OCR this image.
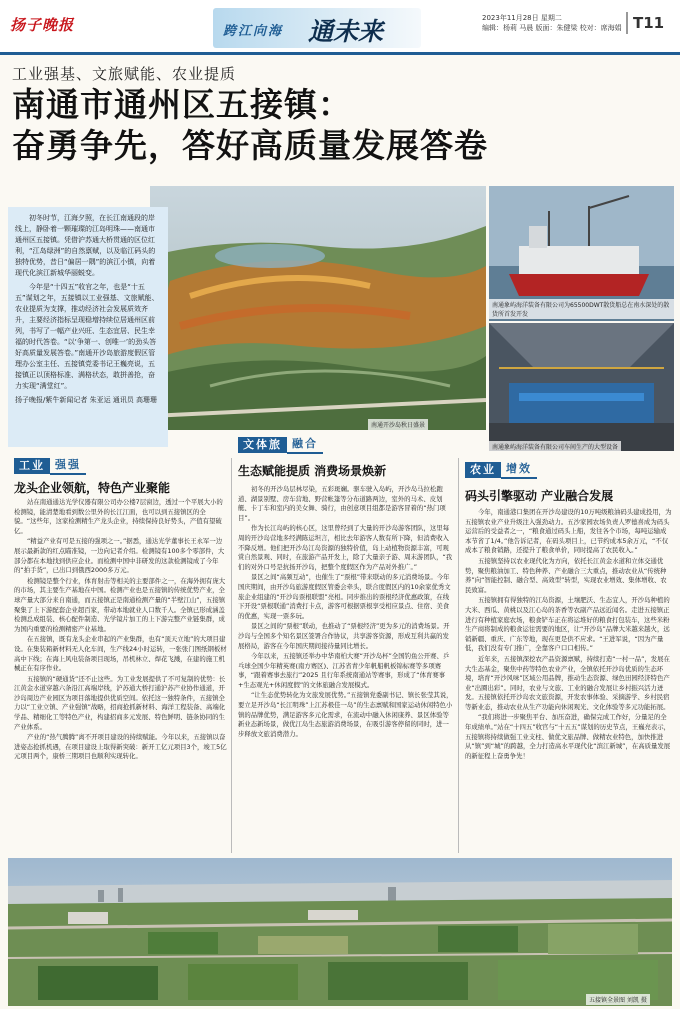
扬子晚报	跨江向海 通未来	2023年11月28日 星期二
编辑：杨莉 马晨 版面：朱健梁 校对：席海娟 T11
工业强基、文旅赋能、农业提质
南通市通州区五接镇：
奋勇争先，答好高质量发展答卷
南通开沙岛秋日盛景
南通象屿海洋装备有限公司为65500DWT散货船总在南水深处的散货所首发开发
南通象屿海洋装备有限公司车间生产的大型设备

初冬时节，江海夕照，在长江南通段的岸线上，静卧着一颗璀璨的江岛明珠——南通市通州区五接镇。凭借沪苏通大桥贯通的区位红利，“江岛绿洲”的自然禀赋，以及临江码头的独特优势，昔日“偏居一隅”的滨江小镇，向着现代化滨江新城华丽蜕变。

今年是“十四五”收官之年，也是“十五五”谋划之年，五接镇以工业强基、文旅赋能、农业提质为支撑，推动经济社会发展质效齐升，主要经济指标呈现稳增持续位居通州区前列，书写了一幅产业兴旺、生态宜居、民生幸福的时代答卷。“以‘争第一、创唯一’的劲头答好高质量发展答卷。”南通开沙岛旅游度假区管理办公室主任、五接镇党委书记王巍亮说，五接镇正以顶格标准、满格状态，敢拼善抢，奋力实现“满堂红”。

扬子晚报/紫牛新闻记者 朱亚运 通讯员 高珊珊

工业 强强
龙头企业领航，特色产业聚能

站在南通通达光学仪器有限公司办公楼7层窗边，透过一个平展大小的检测镜，能清楚地看到数公里外的长江江面，也可以到五接镇区的全貌。“这些年，这家检测精生产龙头企业，持续保持良好势头，产值有望破亿。

“精益产业有可是五接的强项之一。”据悉，通达光学董事长王永军一边展示最新款的红点瞄准镜，一边向记者介绍。检测镜有100多个零部件，大部分都在本地找到供应企业。而检测中国中非研发的这款检测镜成了今年的“拍手货”，已出口到俄西2000多万元。

检测镜是整个行业，体育射击等相关的主要部件之一，在海外拥有庞大的市场，其主要生产基地在中国。检测产业也是五接镇的传统优势产业，全球产量大部分来自南通，而五接镇正是南通检测产量的“半壁江山”，五接镇聚集了上下游配套企业超百家，带动本地就业人口数千人。全镇已形成涵盖检测总成组装、核心配件制造、光学镜片加工的上下游完整产业链集群，成为国内重要的检测精密产业基地。

在五接镇，既有龙头企业串起的产业集群，也有“顶天立地”的大项目建设。在集装箱新材料无人化车间，生产线24小时运转，一张张门图纸钢板材高中下线；在海上风电装备项目现场，吊机林立、焊花飞溅，在建的施工机械正在有序作业。

五接镇的“硬通货”还不止这些。为工业发展提供了不可复制的优势：长江黄金水道穿越六条沿江高端岸线，沪苏通大桥打通沪苏产业协作通道，开沙岛周边产业园区为项目落地提供优质空间。依托这一独特条件，五接镇全力以“工业立镇、产业强镇”战略，招商抢抓新材料、海洋工程装备、高端化学品、精细化工等特色产业，构建招商多元发展、特色鲜明、链条协同的生产业体系。

产业的“热气腾腾”离不开项目建设的持续赋能。今年以来，五接镇以奋进姿态抢抓机遇，在项目建设上取得新突破：新开工亿元项目3个，竣工5亿元项目两个，康桥三期项目也顺利实现转化。

文体旅 融合
生态赋能提质 消费场景焕新

初冬的开沙岛层林尽染，五彩斑斓。驱车驶入岛屿，开沙岛马拉松跑道、湖景别墅、房车营地、野营帐篷等分布道路两边，室外的马术、皮划艇、卡丁车和室内的美女舞、骑行，由创意项目组都是游客冒着的“热门项目”。

作为长江岛屿的核心区，这里曾经到了大量的开沙岛游客团队，这里每周的开沙岛营地多经满陈运坦言，相比去年游客人数有所下降，但消费收入不降反增。他们把开沙岛江岛资源的独特价值，岛上动植物资源丰富，可观赏自然景观、同时，在旅游产品开发上，除了大量亲子游、周末游团队，“我们的对外口号是抗扬开沙岛，把整个度假区作为产品对外推广。”

景区之间“高频互动”，也催生了“票根”带来联动的多元消费场景。今年国庆期间，由开沙岛旅游度假区管委会牵头，联合度假区内的10余家优秀文旅企业组建的“开沙岛票根联盟”亮相。同步推出的票根经济优惠政策，在线下开设“票根联通”消费打卡点，游客可根据票根享受相应景点、住宿、美食的优惠，实现一票多玩。

景区之间的“票根”联动，也推动了“票根经济”更为多元的消费场景。开沙岛与全国多个知名景区签署合作协议，共享游客资源，形成互利共赢的发展格局，游客在今年国庆期间接待量同比增长。

今年以来，五接镇还举办中华南柏大赛“开沙岛杯”全国钓鱼公开赛、乒乓球全国少年精英赛(南方赛区)、江苏省青少年帆船帆板锦标赛等多项赛事，“跟着赛事去旅行”2025 且行年系统南通站等赛事，形成了“体育赛事+生态观光+休闲度假”的文体旅融合发展模式。

“让生态优势转化为文旅发展优势。”五接镇党委副书记、镇长张莹其说，要立足开沙岛“长江明珠”上江苏极佳一岛”的生态禀赋和国家运动休闲特色小镇的品牌优势，满足游客多元化需求，在流动中融入休闲康养、景区体验等新业态新场景，做优江岛生态旅游消费场景，在吸引游客停留的同时，进一步释放文旅消费潜力。

农业 增效
码头引擎驱动 产业融合发展

今年，南通港口集团在开沙岛建设的10万吨级粮油码头建成投用，为五接镇农业产业升级注入强劲动力。五沙家园农场负责人罗德喜成为码头运营后的受益者之一，“粮食通过码头上船，发往各个市场，每吨运输成本节省了1/4。”他告诉记者，在码头项目上，已节约成本5余万元，“不仅成本了粮食销路，还提升了粮食单价，同时提高了农民收入。”

五接镇坚持以农业现代化为方向，依托长江黄金水道和立体交通优势，聚焦粮油加工、特色种养、产业融合三大重点，推动农业从“传统种养”向“智能控制、融合型、高效型”转型，实现农业增效、集体增收、农民致富。

五接镇拥有得独特的江岛资源，土壤肥沃、生态宜人，开沙岛种植的大米、西瓜、黄桃以及江心岛的茶香等农副产品远近闻名。走进五接镇正进行有种植家庭农场，粮食铲车正在将运堆好的粮食打包装车，这些米粉生产商将制成的粮食运往需要的地区，让“开沙岛”品牌大米越来越火，远销新疆、重庆、广东等地，现在更是供不应求。“王进军说，“因为产量低，我们没有专门推广，全靠客户口口相传。”

近年来，五接镇深挖农产品资源禀赋，持续打造“一村一品”，发展在大生态基金，聚焦中药等特色农业产业，全镇依托开沙岛优质的生态环境，培育“开沙风味”区域公用品牌，推动生态资源、绿色田园经济特色产业“出圈出彩”。同时，农业与文旅、工业的融合发展让乡村振兴活力迸发。五接镇依托开沙岛农文旅资源，开发农事体验、采摘游学、乡村民宿等新业态，推动农业从生产功能向休闲观光、文化体验等多元功能拓展。

“我们将进一步聚焦平台、加压奋进，确保完成工作好，分量足的全年成绩单。”站在“十四五”收官与“十五五”谋划的历史节点，王巍亮表示，五接镇将持续做强工业支柱、做优文旅品牌、做精农业特色，加快推进从“镇”到“城”的跨越，全力打造高水平现代化“滨江新城”，在高质量发展的新征程上奋勇争先！

五接镇全景图 刘凯 摄
